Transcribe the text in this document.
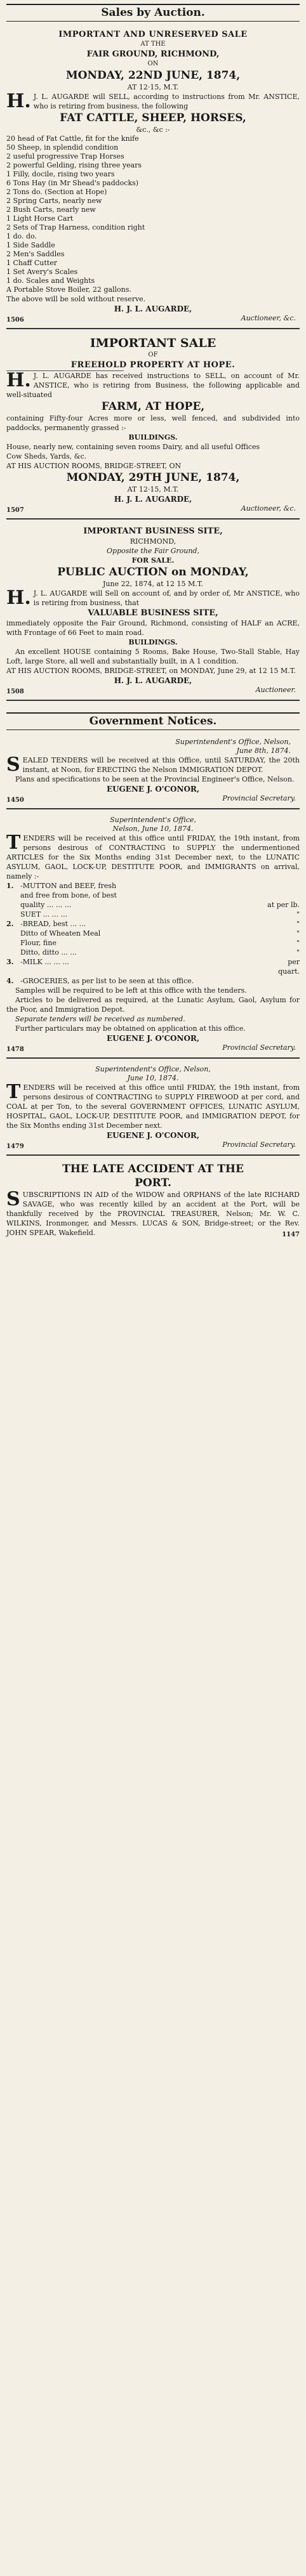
Sales by Auction.

IMPORTANT AND UNRESERVED SALE

AT THE

FAIR GROUND, RICHMOND,

ON

MONDAY, 22ND JUNE, 1874,

AT 12·15, M.T.

H. J. L. AUGARDE will SELL, according to instructions from Mr. ANSTICE, who is retiring from business, the following

FAT CATTLE, SHEEP, HORSES,

&c., &c :-

20 head of Fat Cattle, fit for the knife
50 Sheep, in splendid condition
2 useful progressive Trap Horses
2 powerful Gelding, rising three years
1 Filly, docile, rising two years
6 Tons Hay (in Mr Shead's paddocks)
2 Tons do. (Section at Hope)
2 Spring Carts, nearly new
2 Bush Carts, nearly new
1 Light Horse Cart
2 Sets of Trap Harness, condition right
1 do. do.
1 Side Saddle
2 Men's Saddles
1 Chaff Cutter
1 Set Avery's Scales
1 do. Scales and Weights
A Portable Stove Boiler, 22 gallons.

The above will be sold without reserve.

H. J. L. AUGARDE,

Auctioneer, &c.

1506

IMPORTANT SALE

OF

FREEHOLD PROPERTY AT HOPE.

H. J. L. AUGARDE has received instructions to SELL, on account of Mr. ANSTICE, who is retiring from Business, the following applicable and well-situated

FARM, AT HOPE,

containing Fifty-four Acres more or less, well fenced, and subdivided into paddocks, permanently grassed :-

BUILDINGS.

House, nearly new, containing seven rooms Dairy, and all useful Offices

Cow Sheds, Yards, &c.

AT HIS AUCTION ROOMS, BRIDGE-STREET, ON

MONDAY, 29TH JUNE, 1874,

AT 12·15, M.T.

H. J. L. AUGARDE,

Auctioneer, &c.

1507

IMPORTANT BUSINESS SITE,

RICHMOND,

Opposite the Fair Ground,

FOR SALE.

PUBLIC AUCTION on MONDAY,

June 22, 1874, at 12 15 M.T.

H. J. L. AUGARDE will Sell on account of, and by order of, Mr ANSTICE, who is retiring from business, that

VALUABLE BUSINESS SITE,

immediately opposite the Fair Ground, Richmond, consisting of HALF an ACRE, with Frontage of 66 Feet to main road.

BUILDINGS.

An excellent HOUSE containing 5 Rooms, Bake House, Two-Stall Stable, Hay Loft, large Store, all well and substantially built, in A 1 condition.

AT HIS AUCTION ROOMS, BRIDGE-STREET, on MONDAY, June 29, at 12 15 M.T.

H. J. L. AUGARDE,

Auctioneer.

1508
Government Notices.

Superintendent's Office, Nelson,

June 8th, 1874.

S EALED TENDERS will be received at this Office, until SATURDAY, the 20th instant, at Noon, for ERECTING the Nelson IMMIGRATION DEPOT.

Plans and specifications to be seen at the Provincial Engineer's Office, Nelson.

EUGENE J. O'CONOR,

Provincial Secretary.

1450

Superintendent's Office,

Nelson, June 10, 1874.

T ENDERS will be received at this office until FRIDAY, the 19th instant, from persons desirous of CONTRACTING to SUPPLY the undermentioned ARTICLES for the Six Months ending 31st December next, to the LUNATIC ASYLUM, GAOL, LOCK-UP, DESTITUTE POOR, and IMMIGRANTS on arrival, namely :-
1. -MUTTON and BEEF, fresh
and free from bone, of best
quality ... ... ...	at per lb.
SUET ... ... ...	"
2. -BREAD, best ... ...	"
Ditto of Wheaten Meal	"
Flour, fine	"
Ditto, ditto ... ...	"
3. -MILK ... ... ...	per quart.
4. -GROCERIES, as per list to be seen at this office.

Samples will be required to be left at this office with the tenders.

Articles to be delivered as required, at the Lunatic Asylum, Gaol, Asylum for the Poor, and Immigration Depot.

Separate tenders will be received as numbered.

Further particulars may be obtained on application at this office.

EUGENE J. O'CONOR,

Provincial Secretary.

1478

Superintendent's Office, Nelson,

June 10, 1874.

T ENDERS will be received at this office until FRIDAY, the 19th instant, from persons desirous of CONTRACTING to SUPPLY FIREWOOD at per cord, and COAL at per Ton, to the several GOVERNMENT OFFICES, LUNATIC ASYLUM, HOSPITAL, GAOL, LOCK-UP, DESTITUTE POOR, and IMMIGRATION DEPOT, for the Six Months ending 31st December next.

EUGENE J. O'CONOR,

Provincial Secretary.

1479

THE LATE ACCIDENT AT THE

PORT.

S UBSCRIPTIONS IN AID of the WIDOW and ORPHANS of the late RICHARD SAVAGE, who was recently killed by an accident at the Port, will be thankfully received by the PROVINCIAL TREASURER, Nelson; Mr. W. C. WILKINS, Ironmonger, and Messrs. LUCAS & SON, Bridge-street; or the Rev. JOHN SPEAR, Wakefield.	1147
